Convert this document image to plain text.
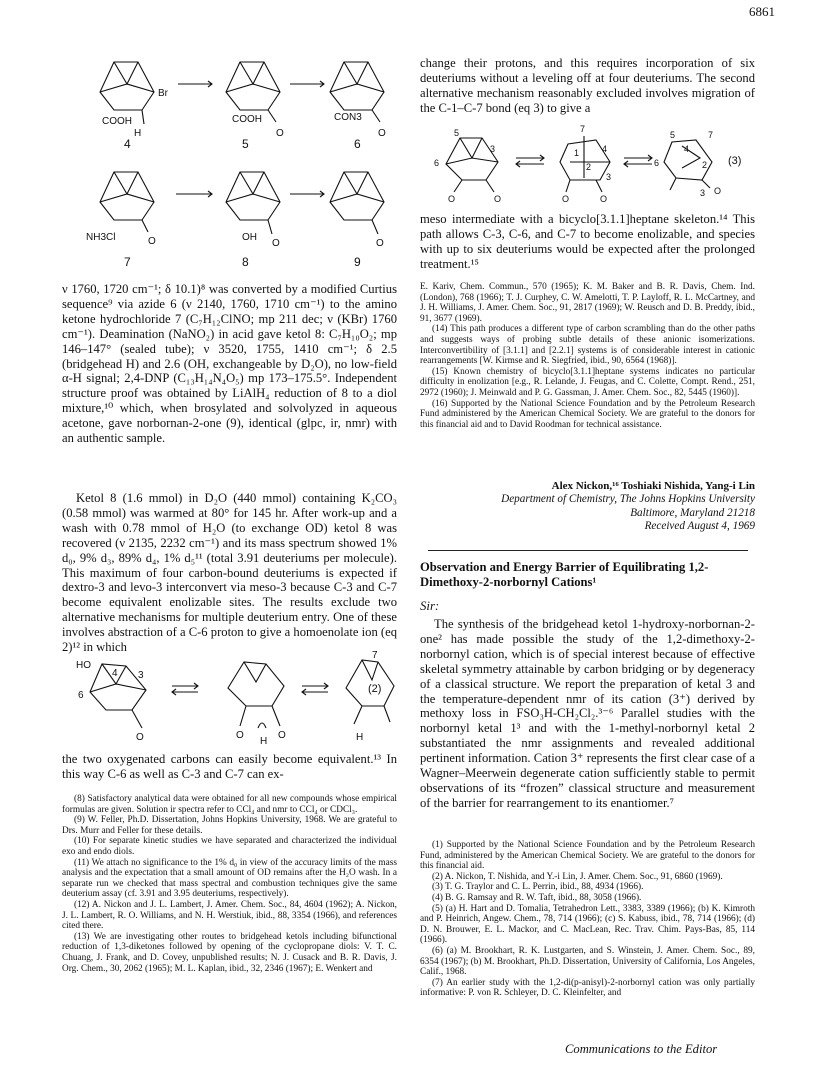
6861
Br
COOH
H
COOH
O
CON3
O
NH3Cl	O	OH
O	O
4	5	6
7	8	9

ν 1760, 1720 cm⁻¹; δ 10.1)⁸ was converted by a modified Curtius sequence⁹ via azide 6 (ν 2140, 1760, 1710 cm⁻¹) to the amino ketone hydrochloride 7 (C₇H₁₂ClNO; mp 211 dec; ν (KBr) 1760 cm⁻¹). Deamination (NaNO₂) in acid gave ketol 8: C₇H₁₀O₂; mp 146–147° (sealed tube); ν 3520, 1755, 1410 cm⁻¹; δ 2.5 (bridgehead H) and 2.6 (OH, exchangeable by D₂O), no low-field α-H signal; 2,4-DNP (C₁₃H₁₄N₄O₅) mp 173–175.5°. Independent structure proof was obtained by LiAlH₄ reduction of 8 to a diol mixture,¹⁰ which, when brosylated and solvolyzed in aqueous acetone, gave norbornan-2-one (9), identical (glpc, ir, nmr) with an authentic sample.

Ketol 8 (1.6 mmol) in D₂O (440 mmol) containing K₂CO₃ (0.58 mmol) was warmed at 80° for 145 hr. After work-up and a wash with 0.78 mmol of H₂O (to exchange OD) ketol 8 was recovered (ν 2135, 2232 cm⁻¹) and its mass spectrum showed 1% d₀, 9% d₃, 89% d₄, 1% d₅¹¹ (total 3.91 deuteriums per molecule). This maximum of four carbon-bound deuteriums is expected if dextro-3 and levo-3 interconvert via meso-3 because C-3 and C-7 become equivalent enolizable sites. The results exclude two alternative mechanisms for multiple deuterium entry. One of these involves abstraction of a C-6 proton to give a homoenolate ion (eq 2)¹² in which

HO
4 3
6
7
O	O	O
H	H
(2)

the two oxygenated carbons can easily become equivalent.¹³ In this way C-6 as well as C-3 and C-7 can ex-

(8) Satisfactory analytical data were obtained for all new compounds whose empirical formulas are given. Solution ir spectra refer to CCl₄ and nmr to CCl₄ or CDCl₃.

(9) W. Feller, Ph.D. Dissertation, Johns Hopkins University, 1968. We are grateful to Drs. Murr and Feller for these details.

(10) For separate kinetic studies we have separated and characterized the individual exo and endo diols.

(11) We attach no significance to the 1% d₀ in view of the accuracy limits of the mass analysis and the expectation that a small amount of OD remains after the H₂O wash. In a separate run we checked that mass spectral and combustion techniques give the same deuterium assay (cf. 3.91 and 3.95 deuteriums, respectively).

(12) A. Nickon and J. L. Lambert, J. Amer. Chem. Soc., 84, 4604 (1962); A. Nickon, J. L. Lambert, R. O. Williams, and N. H. Werstiuk, ibid., 88, 3354 (1966), and references cited there.

(13) We are investigating other routes to bridgehead ketols including bifunctional reduction of 1,3-diketones followed by opening of the cyclopropane diols: V. T. C. Chuang, J. Frank, and D. Covey, unpublished results; N. J. Cusack and B. R. Davis, J. Org. Chem., 30, 2062 (1965); M. L. Kaplan, ibid., 32, 2346 (1967); E. Wenkert and

change their protons, and this requires incorporation of six deuteriums without a leveling off at four deuteriums. The second alternative mechanism reasonably excluded involves migration of the C-1–C-7 bond (eq 3) to give a

5
6
3
7
4
2
1
3
6
5
4
7
2
3
O	O	O	O
O
(3)

meso intermediate with a bicyclo[3.1.1]heptane skeleton.¹⁴ This path allows C-3, C-6, and C-7 to become enolizable, and species with up to six deuteriums would be expected after the prolonged treatment.¹⁵

E. Kariv, Chem. Commun., 570 (1965); K. M. Baker and B. R. Davis, Chem. Ind. (London), 768 (1966); T. J. Curphey, C. W. Amelotti, T. P. Layloff, R. L. McCartney, and J. H. Williams, J. Amer. Chem. Soc., 91, 2817 (1969); W. Reusch and D. B. Preddy, ibid., 91, 3677 (1969).

(14) This path produces a different type of carbon scrambling than do the other paths and suggests ways of probing subtle details of these anionic isomerizations. Interconvertibility of [3.1.1] and [2.2.1] systems is of considerable interest in cationic rearrangements [W. Kirmse and R. Siegfried, ibid., 90, 6564 (1968)].

(15) Known chemistry of bicyclo[3.1.1]heptane systems indicates no particular difficulty in enolization [e.g., R. Lelande, J. Feugas, and C. Colette, Compt. Rend., 251, 2972 (1960); J. Meinwald and P. G. Gassman, J. Amer. Chem. Soc., 82, 5445 (1960)].

(16) Supported by the National Science Foundation and by the Petroleum Research Fund administered by the American Chemical Society. We are grateful to the donors for this financial aid and to David Roodman for technical assistance.

Alex Nickon,¹⁶ Toshiaki Nishida, Yang-i Lin
Department of Chemistry, The Johns Hopkins University
Baltimore, Maryland 21218
Received August 4, 1969
Observation and Energy Barrier of Equilibrating 1,2-Dimethoxy-2-norbornyl Cations¹
Sir:

The synthesis of the bridgehead ketol 1-hydroxy-norbornan-2-one² has made possible the study of the 1,2-dimethoxy-2-norbornyl cation, which is of special interest because of effective skeletal symmetry attainable by carbon bridging or by degeneracy of a classical structure. We report the preparation of ketal 3 and the temperature-dependent nmr of its cation (3⁺) derived by methoxy loss in FSO₃H-CH₂Cl₂.³⁻⁶ Parallel studies with the norbornyl ketal 1³ and with the 1-methyl-norbornyl ketal 2 substantiated the nmr assignments and revealed additional pertinent information. Cation 3⁺ represents the first clear case of a Wagner–Meerwein degenerate cation sufficiently stable to permit observations of its “frozen” classical structure and measurement of the barrier for rearrangement to its enantiomer.⁷

(1) Supported by the National Science Foundation and by the Petroleum Research Fund, administered by the American Chemical Society. We are grateful to the donors for this financial aid.

(2) A. Nickon, T. Nishida, and Y.-i Lin, J. Amer. Chem. Soc., 91, 6860 (1969).

(3) T. G. Traylor and C. L. Perrin, ibid., 88, 4934 (1966).

(4) B. G. Ramsay and R. W. Taft, ibid., 88, 3058 (1966).

(5) (a) H. Hart and D. Tomalia, Tetrahedron Lett., 3383, 3389 (1966); (b) K. Kimroth and P. Heinrich, Angew. Chem., 78, 714 (1966); (c) S. Kabuss, ibid., 78, 714 (1966); (d) D. N. Brouwer, E. L. Mackor, and C. MacLean, Rec. Trav. Chim. Pays-Bas, 85, 114 (1966).

(6) (a) M. Brookhart, R. K. Lustgarten, and S. Winstein, J. Amer. Chem. Soc., 89, 6354 (1967); (b) M. Brookhart, Ph.D. Dissertation, University of California, Los Angeles, Calif., 1968.

(7) An earlier study with the 1,2-di(p-anisyl)-2-norbornyl cation was only partially informative: P. von R. Schleyer, D. C. Kleinfelter, and

Communications to the Editor
